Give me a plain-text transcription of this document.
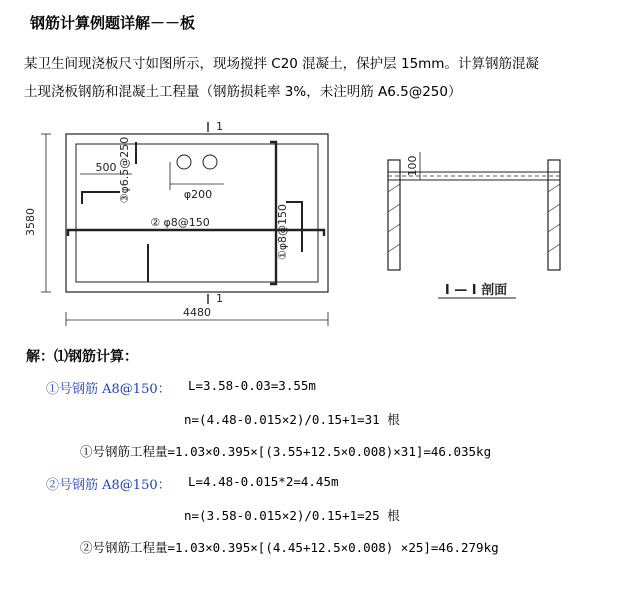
钢筋计算例题详解－－板
某卫生间现浇板尺寸如图所示，现场搅拌 C20 混凝土，保护层 15mm。计算钢筋混凝
土现浇板钢筋和混凝土工程量（钢筋损耗率 3%，未注明筋 A6.5@250）
3580
4480
500
φ200
①φ8@150
② φ8@150
③φ6.5@250
1
1
100
I — I 剖面
解：⑴钢筋计算：
①号钢筋 A8@150： L=3.58-0.03=3.55m
n=(4.48-0.015×2)/0.15+1=31 根
①号钢筋工程量=1.03×0.395×[(3.55+12.5×0.008)×31]=46.035kg
②号钢筋 A8@150： L=4.48-0.015*2=4.45m
n=(3.58-0.015×2)/0.15+1=25 根
②号钢筋工程量=1.03×0.395×[(4.45+12.5×0.008) ×25]=46.279kg
